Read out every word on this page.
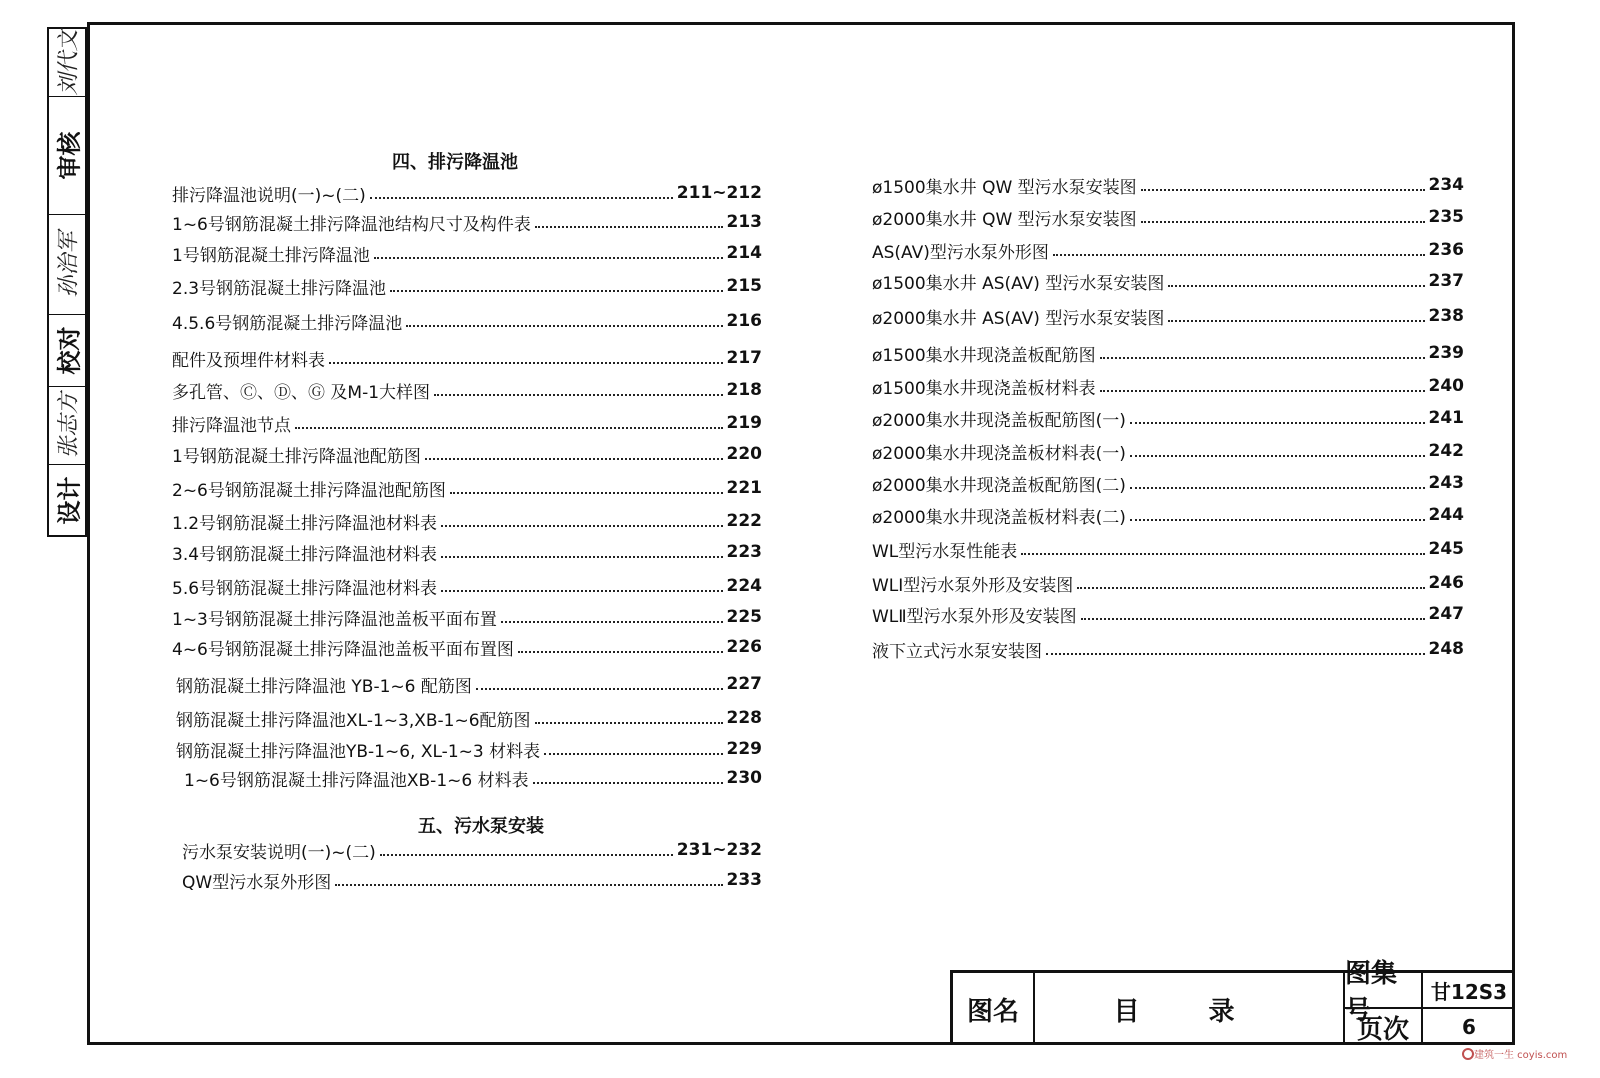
刘代文
审核
孙治军
校对
张志方
设计
四、排污降温池
五、污水泵安装
排污降温池说明(一)~(二)	211~212
1~6号钢筋混凝土排污降温池结构尺寸及构件表	213
1号钢筋混凝土排污降温池	214
2.3号钢筋混凝土排污降温池	215
4.5.6号钢筋混凝土排污降温池	216
配件及预埋件材料表	217
多孔管、Ⓒ、Ⓓ、Ⓖ 及M-1大样图	218
排污降温池节点	219
1号钢筋混凝土排污降温池配筋图	220
2~6号钢筋混凝土排污降温池配筋图	221
1.2号钢筋混凝土排污降温池材料表	222
3.4号钢筋混凝土排污降温池材料表	223
5.6号钢筋混凝土排污降温池材料表	224
1~3号钢筋混凝土排污降温池盖板平面布置	225
4~6号钢筋混凝土排污降温池盖板平面布置图	226
钢筋混凝土排污降温池 YB-1~6 配筋图	227
钢筋混凝土排污降温池XL-1~3,XB-1~6配筋图	228
钢筋混凝土排污降温池YB-1~6, XL-1~3 材料表	229
1~6号钢筋混凝土排污降温池XB-1~6 材料表	230
污水泵安装说明(一)~(二)	231~232
QW型污水泵外形图	233
ø1500集水井 QW 型污水泵安装图	234
ø2000集水井 QW 型污水泵安装图	235
AS(AV)型污水泵外形图	236
ø1500集水井 AS(AV) 型污水泵安装图	237
ø2000集水井 AS(AV) 型污水泵安装图	238
ø1500集水井现浇盖板配筋图	239
ø1500集水井现浇盖板材料表	240
ø2000集水井现浇盖板配筋图(一)	241
ø2000集水井现浇盖板材料表(一)	242
ø2000集水井现浇盖板配筋图(二)	243
ø2000集水井现浇盖板材料表(二)	244
WL型污水泵性能表	245
WLⅠ型污水泵外形及安装图	246
WLⅡ型污水泵外形及安装图	247
液下立式污水泵安装图	248
图名	目 录
图集号
甘12S3
页次	6
建筑一生 coyis.com
